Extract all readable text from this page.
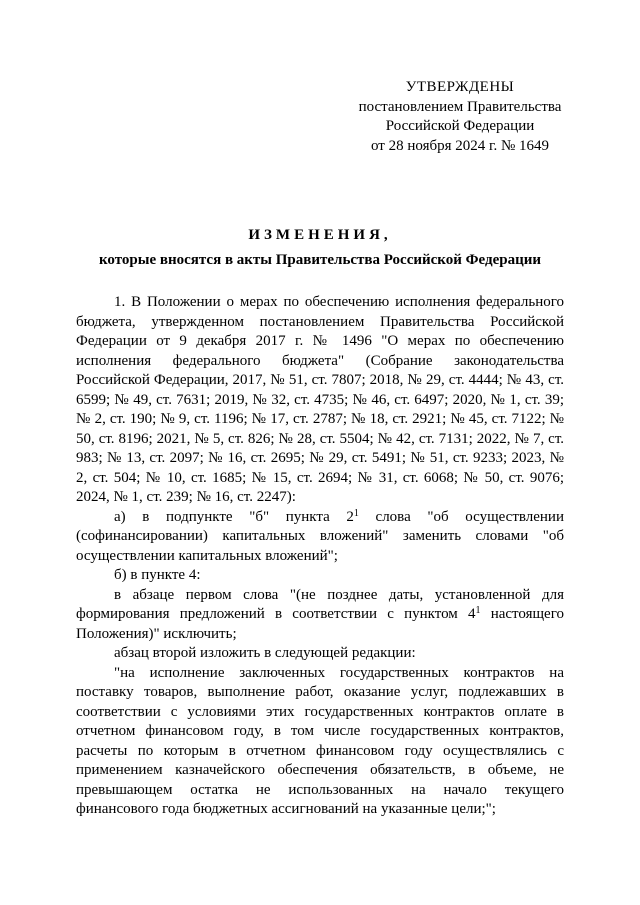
УТВЕРЖДЕНЫ
постановлением Правительства
Российской Федерации
от 28 ноября 2024 г. № 1649
ИЗМЕНЕНИЯ,
которые вносятся в акты Правительства Российской Федерации

1. В Положении о мерах по обеспечению исполнения федерального бюджета, утвержденном постановлением Правительства Российской Федерации от 9 декабря 2017 г. № 1496 "О мерах по обеспечению исполнения федерального бюджета" (Собрание законодательства Российской Федерации, 2017, № 51, ст. 7807; 2018, № 29, ст. 4444; № 43, ст. 6599; № 49, ст. 7631; 2019, № 32, ст. 4735; № 46, ст. 6497; 2020, № 1, ст. 39; № 2, ст. 190; № 9, ст. 1196; № 17, ст. 2787; № 18, ст. 2921; № 45, ст. 7122; № 50, ст. 8196; 2021, № 5, ст. 826; № 28, ст. 5504; № 42, ст. 7131; 2022, № 7, ст. 983; № 13, ст. 2097; № 16, ст. 2695; № 29, ст. 5491; № 51, ст. 9233; 2023, № 2, ст. 504; № 10, ст. 1685; № 15, ст. 2694; № 31, ст. 6068; № 50, ст. 9076; 2024, № 1, ст. 239; № 16, ст. 2247):

а) в подпункте "б" пункта $2^1$ слова "об осуществлении (софинансировании) капитальных вложений" заменить словами "об осуществлении капитальных вложений";

б) в пункте 4:

в абзаце первом слова "(не позднее даты, установленной для формирования предложений в соответствии с пунктом $4^1$ настоящего Положения)" исключить;

абзац второй изложить в следующей редакции:

"на исполнение заключенных государственных контрактов на поставку товаров, выполнение работ, оказание услуг, подлежавших в соответствии с условиями этих государственных контрактов оплате в отчетном финансовом году, в том числе государственных контрактов, расчеты по которым в отчетном финансовом году осуществлялись с применением казначейского обеспечения обязательств, в объеме, не превышающем остатка не использованных на начало текущего финансового года бюджетных ассигнований на указанные цели;";
